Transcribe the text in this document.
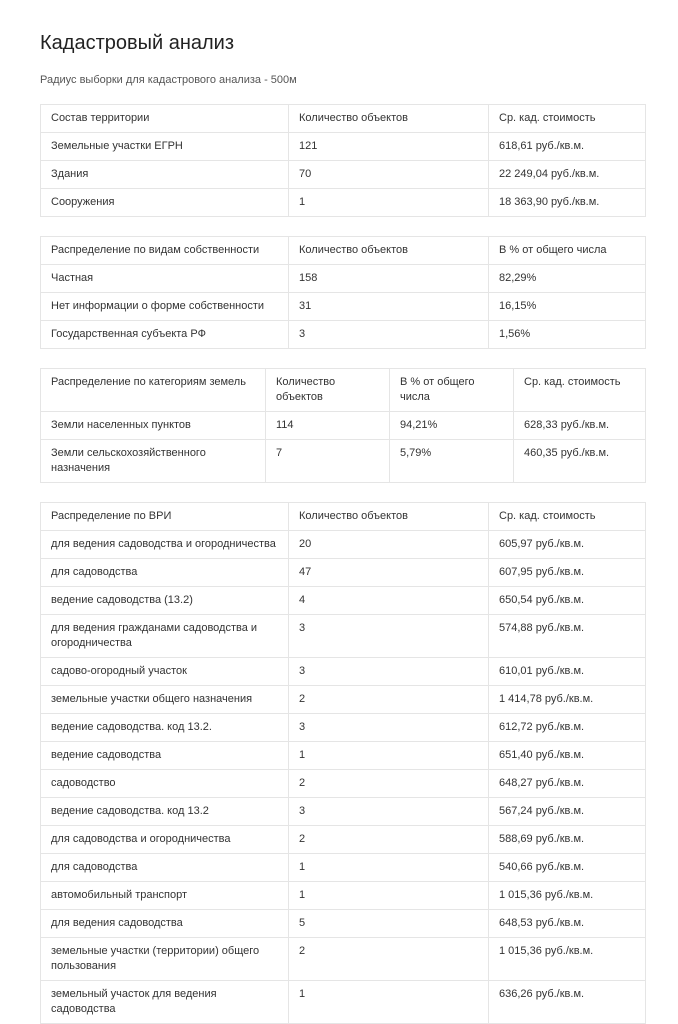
Кадастровый анализ
Радиус выборки для кадастрового анализа - 500м
Состав территории	Количество объектов	Ср. кад. стоимость
Земельные участки ЕГРН	121	618,61 руб./кв.м.
Здания	70	22 249,04 руб./кв.м.
Сооружения	1	18 363,90 руб./кв.м.
Распределение по видам собственности	Количество объектов	В % от общего числа
Частная	158	82,29%
Нет информации о форме собственности	31	16,15%
Государственная субъекта РФ	3	1,56%
Распределение по категориям земель	Количество объектов	В % от общего числа	Ср. кад. стоимость
Земли населенных пунктов	114	94,21%	628,33 руб./кв.м.
Земли сельскохозяйственного назначения	7	5,79%	460,35 руб./кв.м.
Распределение по ВРИ	Количество объектов	Ср. кад. стоимость
для ведения садоводства и огородничества	20	605,97 руб./кв.м.
для садоводства	47	607,95 руб./кв.м.
ведение садоводства (13.2)	4	650,54 руб./кв.м.
для ведения гражданами садоводства и огородничества	3	574,88 руб./кв.м.
садово-огородный участок	3	610,01 руб./кв.м.
земельные участки общего назначения	2	1 414,78 руб./кв.м.
ведение садоводства. код 13.2.	3	612,72 руб./кв.м.
ведение садоводства	1	651,40 руб./кв.м.
садоводство	2	648,27 руб./кв.м.
ведение садоводства. код 13.2	3	567,24 руб./кв.м.
для садоводства и огородничества	2	588,69 руб./кв.м.
для садоводства	1	540,66 руб./кв.м.
автомобильный транспорт	1	1 015,36 руб./кв.м.
для ведения садоводства	5	648,53 руб./кв.м.
земельные участки (территории) общего пользования	2	1 015,36 руб./кв.м.
земельный участок для ведения садоводства	1	636,26 руб./кв.м.
